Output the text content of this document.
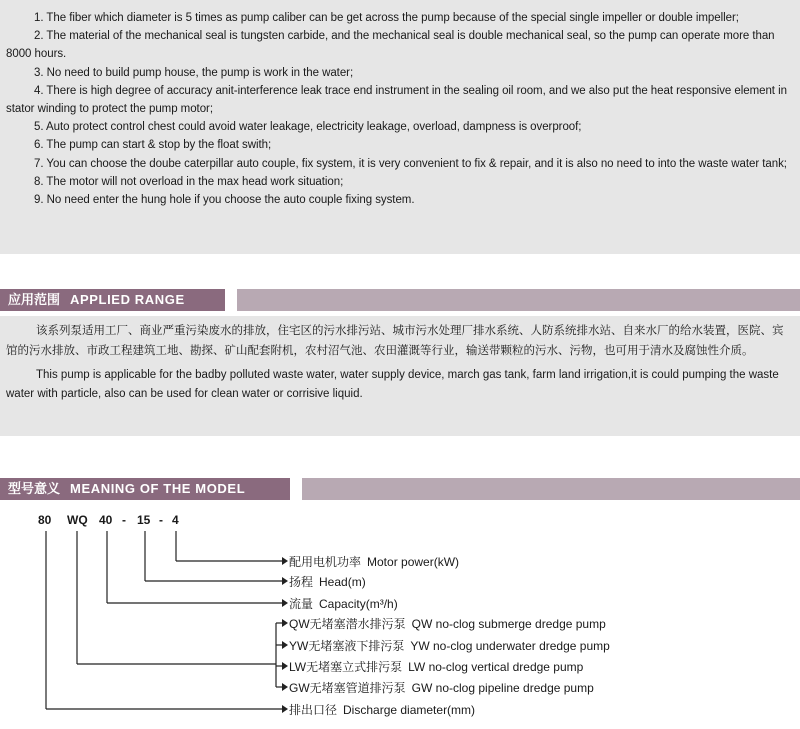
1. The fiber which diameter is 5 times as pump caliber can be get across the pump because of the special single impeller or double impeller;

2. The material of the mechanical seal is tungsten carbide, and the mechanical seal is double mechanical seal, so the pump can operate more than 8000 hours.

3. No need to build pump house, the pump is work in the water;

4. There is high degree of accuracy anit-interference leak trace end instrument in the sealing oil room, and we also put the heat responsive element in stator winding to protect the pump motor;

5. Auto protect control chest could avoid water leakage, electricity leakage, overload, dampness is overproof;

6. The pump can start & stop by the float swith;

7. You can choose the doube caterpillar auto couple, fix system, it is very convenient to fix & repair, and it is also no need to into the waste water tank;

8. The motor will not overload in the max head work situation;

9. No need enter the hung hole if you choose the auto couple fixing system.

应用范围 APPLIED RANGE

该系列泵适用工厂、商业严重污染废水的排放，住宅区的污水排污站、城市污水处理厂排水系统、人防系统排水站、自来水厂的给水装置，医院、宾馆的污水排放、市政工程建筑工地、勘探、矿山配套附机，农村沼气池、农田灌溉等行业，输送带颗粒的污水、污物，也可用于清水及腐蚀性介质。

This pump is applicable for the badby polluted waste water, water supply device, march gas tank, farm land irrigation,it is could pumping the waste water with particle, also can be used for clean water or corrisive liquid.

型号意义 MEANING OF THE MODEL
80 WQ 40 - 15 - 4
配用电机功率 Motor power(kW)
扬程 Head(m)
流量 Capacity(m³/h)
QW无堵塞潜水排污泵 QW no-clog submerge dredge pump
YW无堵塞液下排污泵 YW no-clog underwater dredge pump
LW无堵塞立式排污泵 LW no-clog vertical dredge pump
GW无堵塞管道排污泵 GW no-clog pipeline dredge pump
排出口径 Discharge diameter(mm)
